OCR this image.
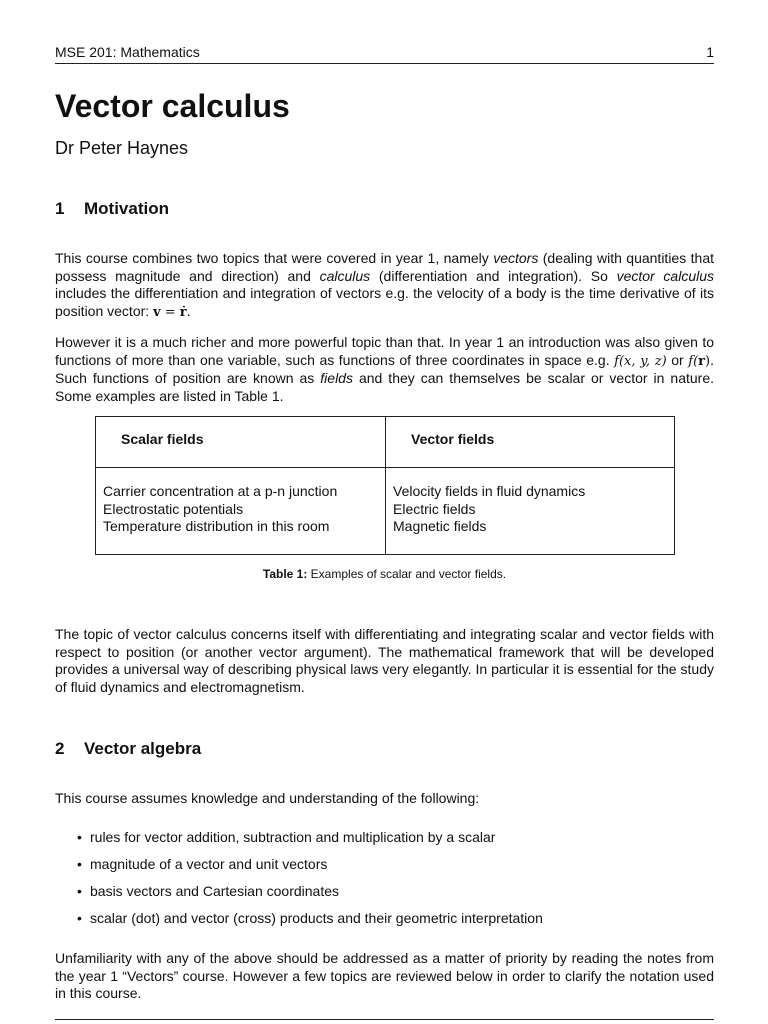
MSE 201: Mathematics	1
Vector calculus
Dr Peter Haynes
1 Motivation

This course combines two topics that were covered in year 1, namely vectors (dealing with quantities that possess magnitude and direction) and calculus (differentiation and integration). So vector calculus includes the differentiation and integration of vectors e.g. the velocity of a body is the time derivative of its position vector: v = ṙ.

However it is a much richer and more powerful topic than that. In year 1 an introduction was also given to functions of more than one variable, such as functions of three coordinates in space e.g. f(x, y, z) or f(r). Such functions of position are known as fields and they can themselves be scalar or vector in nature. Some examples are listed in Table 1.

Scalar fields	Vector fields
Carrier concentration at a p-n junction
Electrostatic potentials
Temperature distribution in this room
Velocity fields in fluid dynamics
Electric fields
Magnetic fields
Table 1: Examples of scalar and vector fields.

The topic of vector calculus concerns itself with differentiating and integrating scalar and vector fields with respect to position (or another vector argument). The mathematical framework that will be developed provides a universal way of describing physical laws very elegantly. In particular it is essential for the study of fluid dynamics and electromagnetism.

2 Vector algebra

This course assumes knowledge and understanding of the following:

• rules for vector addition, subtraction and multiplication by a scalar
• magnitude of a vector and unit vectors
• basis vectors and Cartesian coordinates
• scalar (dot) and vector (cross) products and their geometric interpretation

Unfamiliarity with any of the above should be addressed as a matter of priority by reading the notes from the year 1 “Vectors” course. However a few topics are reviewed below in order to clarify the notation used in this course.
